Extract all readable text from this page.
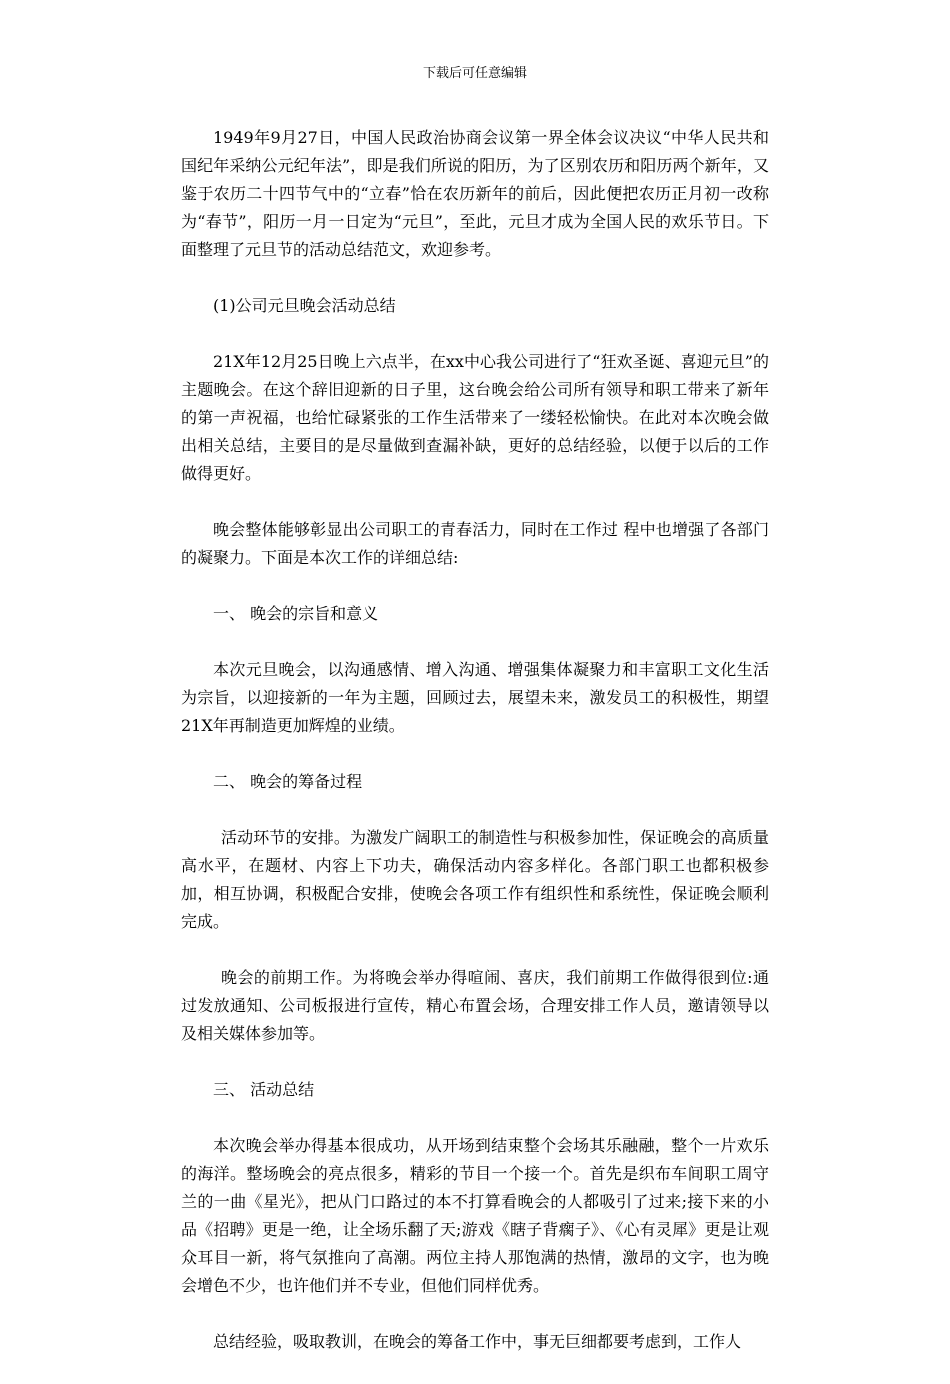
下载后可任意编辑

1949年9月27日，中国人民政治协商会议第一界全体会议决议“中华人民共和国纪年采纳公元纪年法”，即是我们所说的阳历，为了区别农历和阳历两个新年，又鉴于农历二十四节气中的“立春”恰在农历新年的前后，因此便把农历正月初一改称为“春节”，阳历一月一日定为“元旦”，至此，元旦才成为全国人民的欢乐节日。下面整理了元旦节的活动总结范文，欢迎参考。

(1)公司元旦晚会活动总结

21X年12月25日晚上六点半，在xx中心我公司进行了“狂欢圣诞、喜迎元旦”的主题晚会。在这个辞旧迎新的日子里，这台晚会给公司所有领导和职工带来了新年的第一声祝福，也给忙碌紧张的工作生活带来了一缕轻松愉快。在此对本次晚会做出相关总结，主要目的是尽量做到查漏补缺，更好的总结经验，以便于以后的工作做得更好。

晚会整体能够彰显出公司职工的青春活力，同时在工作过 程中也增强了各部门的凝聚力。下面是本次工作的详细总结:

一、 晚会的宗旨和意义

本次元旦晚会，以沟通感情、增入沟通、增强集体凝聚力和丰富职工文化生活为宗旨，以迎接新的一年为主题，回顾过去，展望未来，激发员工的积极性，期望21X年再制造更加辉煌的业绩。

二、 晚会的筹备过程

活动环节的安排。为激发广阔职工的制造性与积极参加性，保证晚会的高质量高水平，在题材、内容上下功夫，确保活动内容多样化。各部门职工也都积极参加，相互协调，积极配合安排，使晚会各项工作有组织性和系统性，保证晚会顺利完成。

晚会的前期工作。为将晚会举办得喧闹、喜庆，我们前期工作做得很到位:通过发放通知、公司板报进行宣传，精心布置会场，合理安排工作人员，邀请领导以及相关媒体参加等。

三、 活动总结

本次晚会举办得基本很成功，从开场到结束整个会场其乐融融，整个一片欢乐的海洋。整场晚会的亮点很多，精彩的节目一个接一个。首先是织布车间职工周守兰的一曲《星光》，把从门口路过的本不打算看晚会的人都吸引了过来;接下来的小品《招聘》更是一绝，让全场乐翻了天;游戏《瞎子背瘸子》、《心有灵犀》更是让观众耳目一新，将气氛推向了高潮。两位主持人那饱满的热情，激昂的文字，也为晚会增色不少，也许他们并不专业，但他们同样优秀。

总结经验，吸取教训，在晚会的筹备工作中，事无巨细都要考虑到，工作人
